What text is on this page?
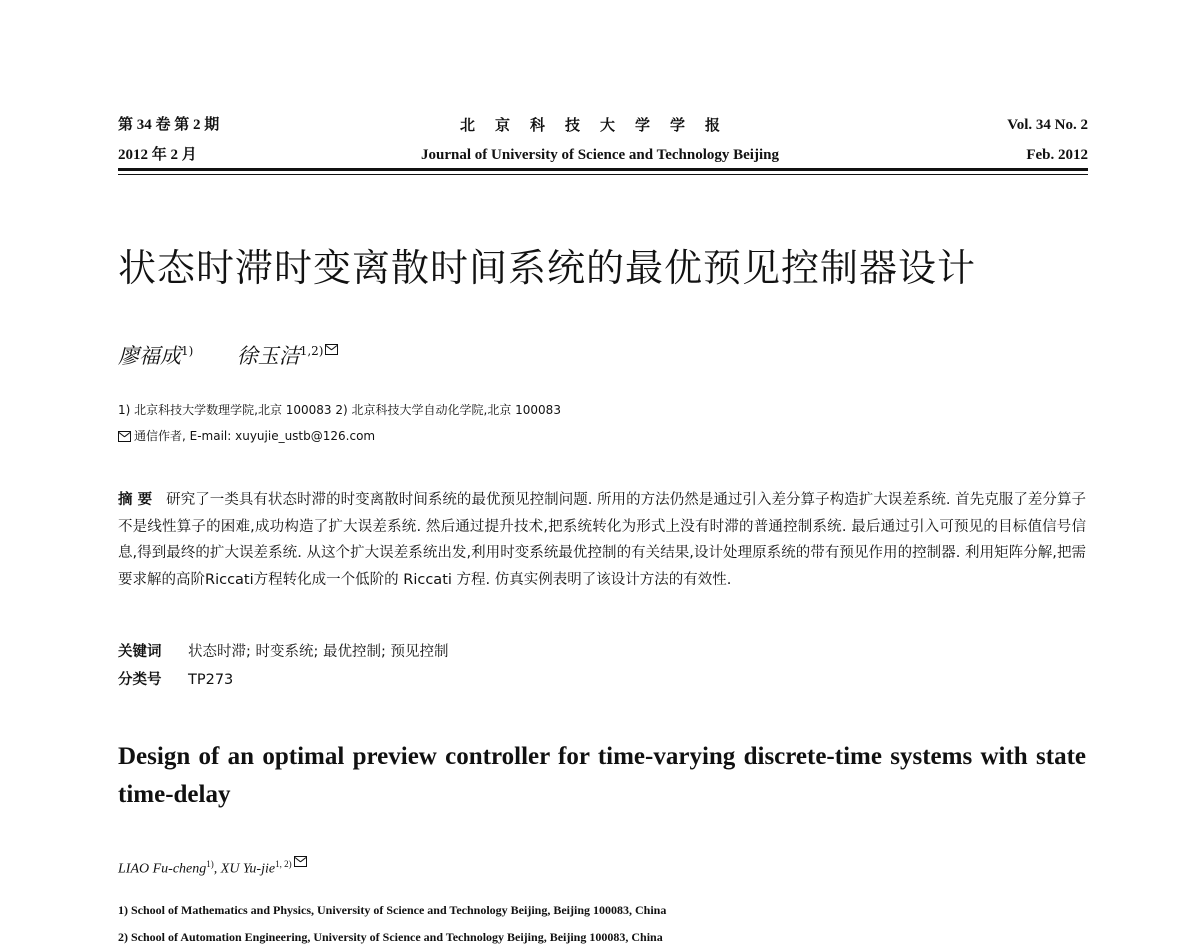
第 34 卷 第 2 期
2012 年 2 月
北京科技大学学报
Journal of University of Science and Technology Beijing
Vol. 34 No. 2
Feb. 2012
状态时滞时变离散时间系统的最优预见控制器设计
廖福成$^{1)}$ 徐玉洁$^{1,2)}$
1) 北京科技大学数理学院,北京 100083 2) 北京科技大学自动化学院,北京 100083
通信作者, E-mail: xuyujie_ustb@126.com
摘 要 研究了一类具有状态时滞的时变离散时间系统的最优预见控制问题. 所用的方法仍然是通过引入差分算子构造扩大误差系统. 首先克服了差分算子不是线性算子的困难,成功构造了扩大误差系统. 然后通过提升技术,把系统转化为形式上没有时滞的普通控制系统. 最后通过引入可预见的目标值信号信息,得到最终的扩大误差系统. 从这个扩大误差系统出发,利用时变系统最优控制的有关结果,设计处理原系统的带有预见作用的控制器. 利用矩阵分解,把需要求解的高阶Riccati方程转化成一个低阶的 Riccati 方程. 仿真实例表明了该设计方法的有效性.
关键词 状态时滞; 时变系统; 最优控制; 预见控制
分类号 TP273
Design of an optimal preview controller for time-varying discrete-time systems with state time-delay
LIAO Fu-cheng$^{1)}$, XU Yu-jie$^{1, 2)}$
1) School of Mathematics and Physics, University of Science and Technology Beijing, Beijing 100083, China
2) School of Automation Engineering, University of Science and Technology Beijing, Beijing 100083, China
